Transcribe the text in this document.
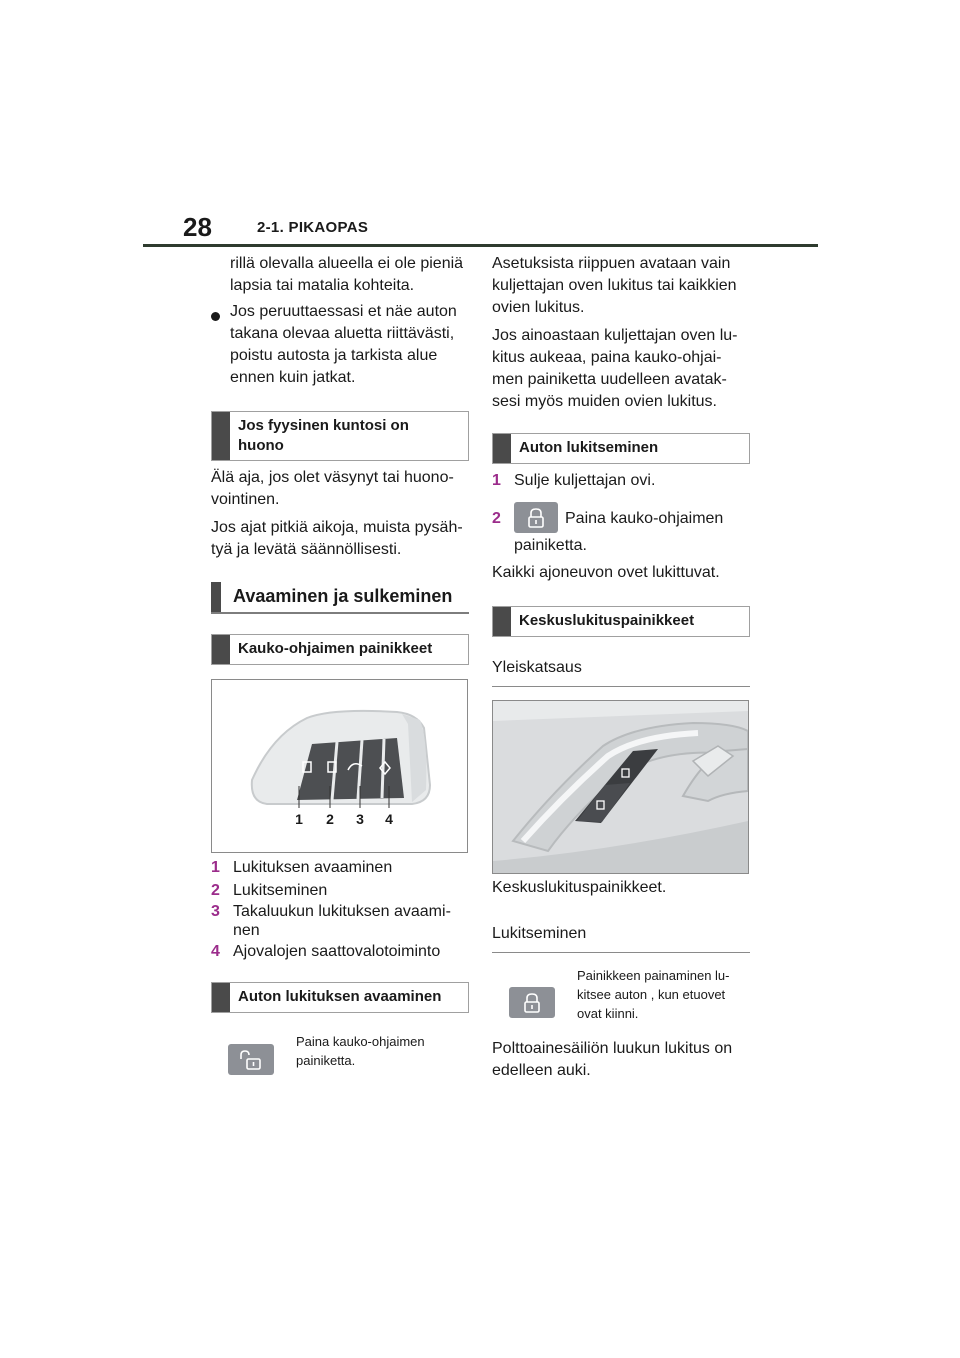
28	2-1. PIKAOPAS
rillä olevalla alueella ei ole pieniä
lapsia tai matalia kohteita.
Jos peruuttaessasi et näe auton
takana olevaa aluetta riittävästi,
poistu autosta ja tarkista alue
ennen kuin jatkat.
Jos fyysinen kuntosi on
huono
Älä aja, jos olet väsynyt tai huono-
vointinen.
Jos ajat pitkiä aikoja, muista pysäh-
tyä ja levätä säännöllisesti.
Avaaminen ja sulkeminen
Kauko-ohjaimen painikkeet
1 2 3 4
1 Lukituksen avaaminen
2 Lukitseminen
3 Takaluukun lukituksen avaami-
nen
4 Ajovalojen saattovalotoiminto
Auton lukituksen avaaminen
Paina kauko-ohjaimen
painiketta.
Asetuksista riippuen avataan vain
kuljettajan oven lukitus tai kaikkien
ovien lukitus.
Jos ainoastaan kuljettajan oven lu-
kitus aukeaa, paina kauko-ohjai-
men painiketta uudelleen avatak-
sesi myös muiden ovien lukitus.
Auton lukitseminen
1 Sulje kuljettajan ovi.
2	Paina kauko-ohjaimen
painiketta.
Kaikki ajoneuvon ovet lukittuvat.
Keskuslukituspainikkeet
Yleiskatsaus
Keskuslukituspainikkeet.
Lukitseminen
Painikkeen painaminen lu-
kitsee auton , kun etuovet
ovat kiinni.
Polttoainesäiliön luukun lukitus on
edelleen auki.
